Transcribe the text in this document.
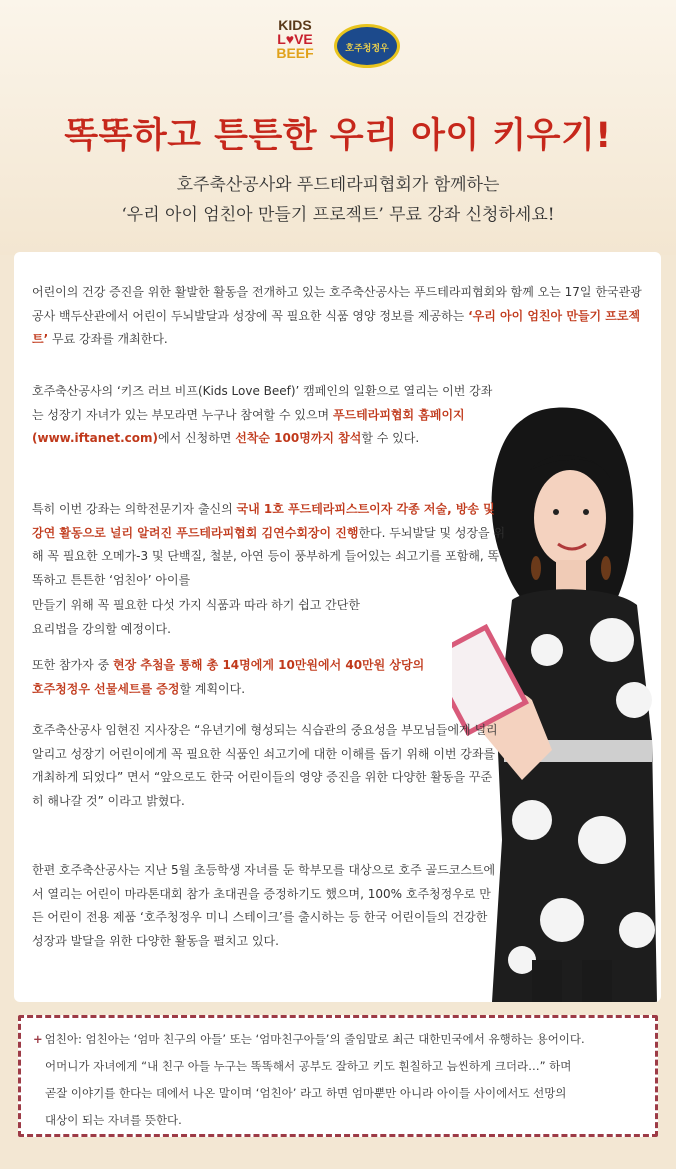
KIDS
L♥VE
BEEF	호주청정우
똑똑하고 튼튼한 우리 아이 키우기!
호주축산공사와 푸드테라피협회가 함께하는
‘우리 아이 엄친아 만들기 프로젝트’ 무료 강좌 신청하세요!

어린이의 건강 증진을 위한 활발한 활동을 전개하고 있는 호주축산공사는 푸드테라피협회와 함께 오는 17일 한국관광공사 백두산관에서 어린이 두뇌발달과 성장에 꼭 필요한 식품 영양 정보를 제공하는 ‘우리 아이 엄친아 만들기 프로젝트’ 무료 강좌를 개최한다.

호주축산공사의 ‘키즈 러브 비프(Kids Love Beef)’ 캠페인의 일환으로 열리는 이번 강좌는 성장기 자녀가 있는 부모라면 누구나 참여할 수 있으며 푸드테라피협회 홈페이지(www.iftanet.com)에서 신청하면 선착순 100명까지 참석할 수 있다.

특히 이번 강좌는 의학전문기자 출신의 국내 1호 푸드테라피스트이자 각종 저술, 방송 및 강연 활동으로 널리 알려진 푸드테라피협회 김연수회장이 진행한다. 두뇌발달 및 성장을 위해 꼭 필요한 오메가-3 및 단백질, 철분, 아연 등이 풍부하게 들어있는 쇠고기를 포함해, 똑똑하고 튼튼한 ‘엄친아’ 아이를

만들기 위해 꼭 필요한 다섯 가지 식품과 따라 하기 쉽고 간단한 요리법을 강의할 예정이다.

또한 참가자 중 현장 추첨을 통해 총 14명에게 10만원에서 40만원 상당의 호주청정우 선물세트를 증정할 계획이다.

호주축산공사 임현진 지사장은 “유년기에 형성되는 식습관의 중요성을 부모님들에게 널리 알리고 성장기 어린이에게 꼭 필요한 식품인 쇠고기에 대한 이해를 돕기 위해 이번 강좌를 개최하게 되었다” 면서 “앞으로도 한국 어린이들의 영양 증진을 위한 다양한 활동을 꾸준히 해나갈 것” 이라고 밝혔다.

한편 호주축산공사는 지난 5월 초등학생 자녀를 둔 학부모를 대상으로 호주 골드코스트에서 열리는 어린이 마라톤대회 참가 초대권을 증정하기도 했으며, 100% 호주청정우로 만든 어린이 전용 제품 ‘호주청정우 미니 스테이크’를 출시하는 등 한국 어린이들의 건강한 성장과 발달을 위한 다양한 활동을 펼치고 있다.

+ 엄친아: 엄친아는 ‘엄마 친구의 아들’ 또는 ‘엄마친구아들’의 줄임말로 최근 대한민국에서 유행하는 용어이다.
어머니가 자녀에게 “내 친구 아들 누구는 똑똑해서 공부도 잘하고 키도 훤칠하고 늠씬하게 크더라…” 하며
곧잘 이야기를 한다는 데에서 나온 말이며 ‘엄친아’ 라고 하면 엄마뿐만 아니라 아이들 사이에서도 선망의
대상이 되는 자녀를 뜻한다.
